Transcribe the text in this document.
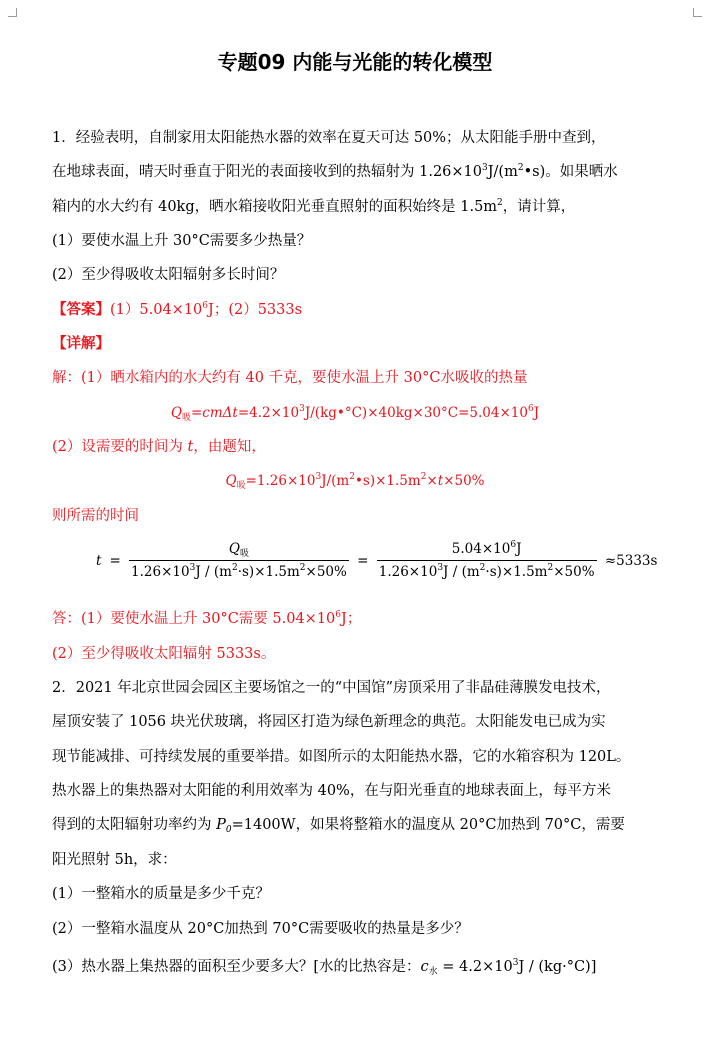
专题09 内能与光能的转化模型
1．经验表明，自制家用太阳能热水器的效率在夏天可达 50%；从太阳能手册中查到，
在地球表面，晴天时垂直于阳光的表面接收到的热辐射为 $1.26\times 10^3J/(m^2•s)$。如果晒水
箱内的水大约有 40kg，晒水箱接收阳光垂直照射的面积始终是 $1.5m^2$，请计算，
(1）要使水温上升 30°C需要多少热量？
(2）至少得吸收太阳辐射多长时间？
【答案】$(1)5.04\times 10^6J$；(2）5333s
【详解】
解：(1）晒水箱内的水大约有 40 千克，要使水温上升 30°C水吸收的热量
$Q_吸=cm\Delta t=4.2\times 10^3J/(kg•^\circ C)\times 40kg\times 30^\circ C=5.04\times 10^6J$
(2）设需要的时间为 t，由题知，
$Q_吸=1.26\times 10^3J/(m^2•s)\times 1.5m^2\times t\times 50\%$
则所需的时间
$t = \frac{Q_吸}{1.26\times 10^3J / (m^2\cdot s)\times 1.5m^2\times 50\%} = \frac{5.04\times 10^6J}{1.26\times 10^3J / (m^2\cdot s)\times 1.5m^2\times 50\%} \approx 5333s$
答：(1）要使水温上升 30°C需要 $5.04\times 10^6J$；
(2）至少得吸收太阳辐射 5333s。
2．2021 年北京世园会园区主要场馆之一的“中国馆”房顶采用了非晶硅薄膜发电技术，
屋顶安装了 1056 块光伏玻璃，将园区打造为绿色新理念的典范。太阳能发电已成为实
现节能减排、可持续发展的重要举措。如图所示的太阳能热水器，它的水箱容积为 120L。
热水器上的集热器对太阳能的利用效率为 40%，在与阳光垂直的地球表面上，每平方米
得到的太阳辐射功率约为 $P_0=1400W$，如果将整箱水的温度从 20°C加热到 70°C，需要
阳光照射 5h，求：
(1）一整箱水的质量是多少千克？
(2）一整箱水温度从 20°C加热到 70°C需要吸收的热量是多少？
(3）热水器上集热器的面积至少要多大？[水的比热容是：$c_水 = 4.2\times 10^3J / (kg\cdot^\circ C)$]
